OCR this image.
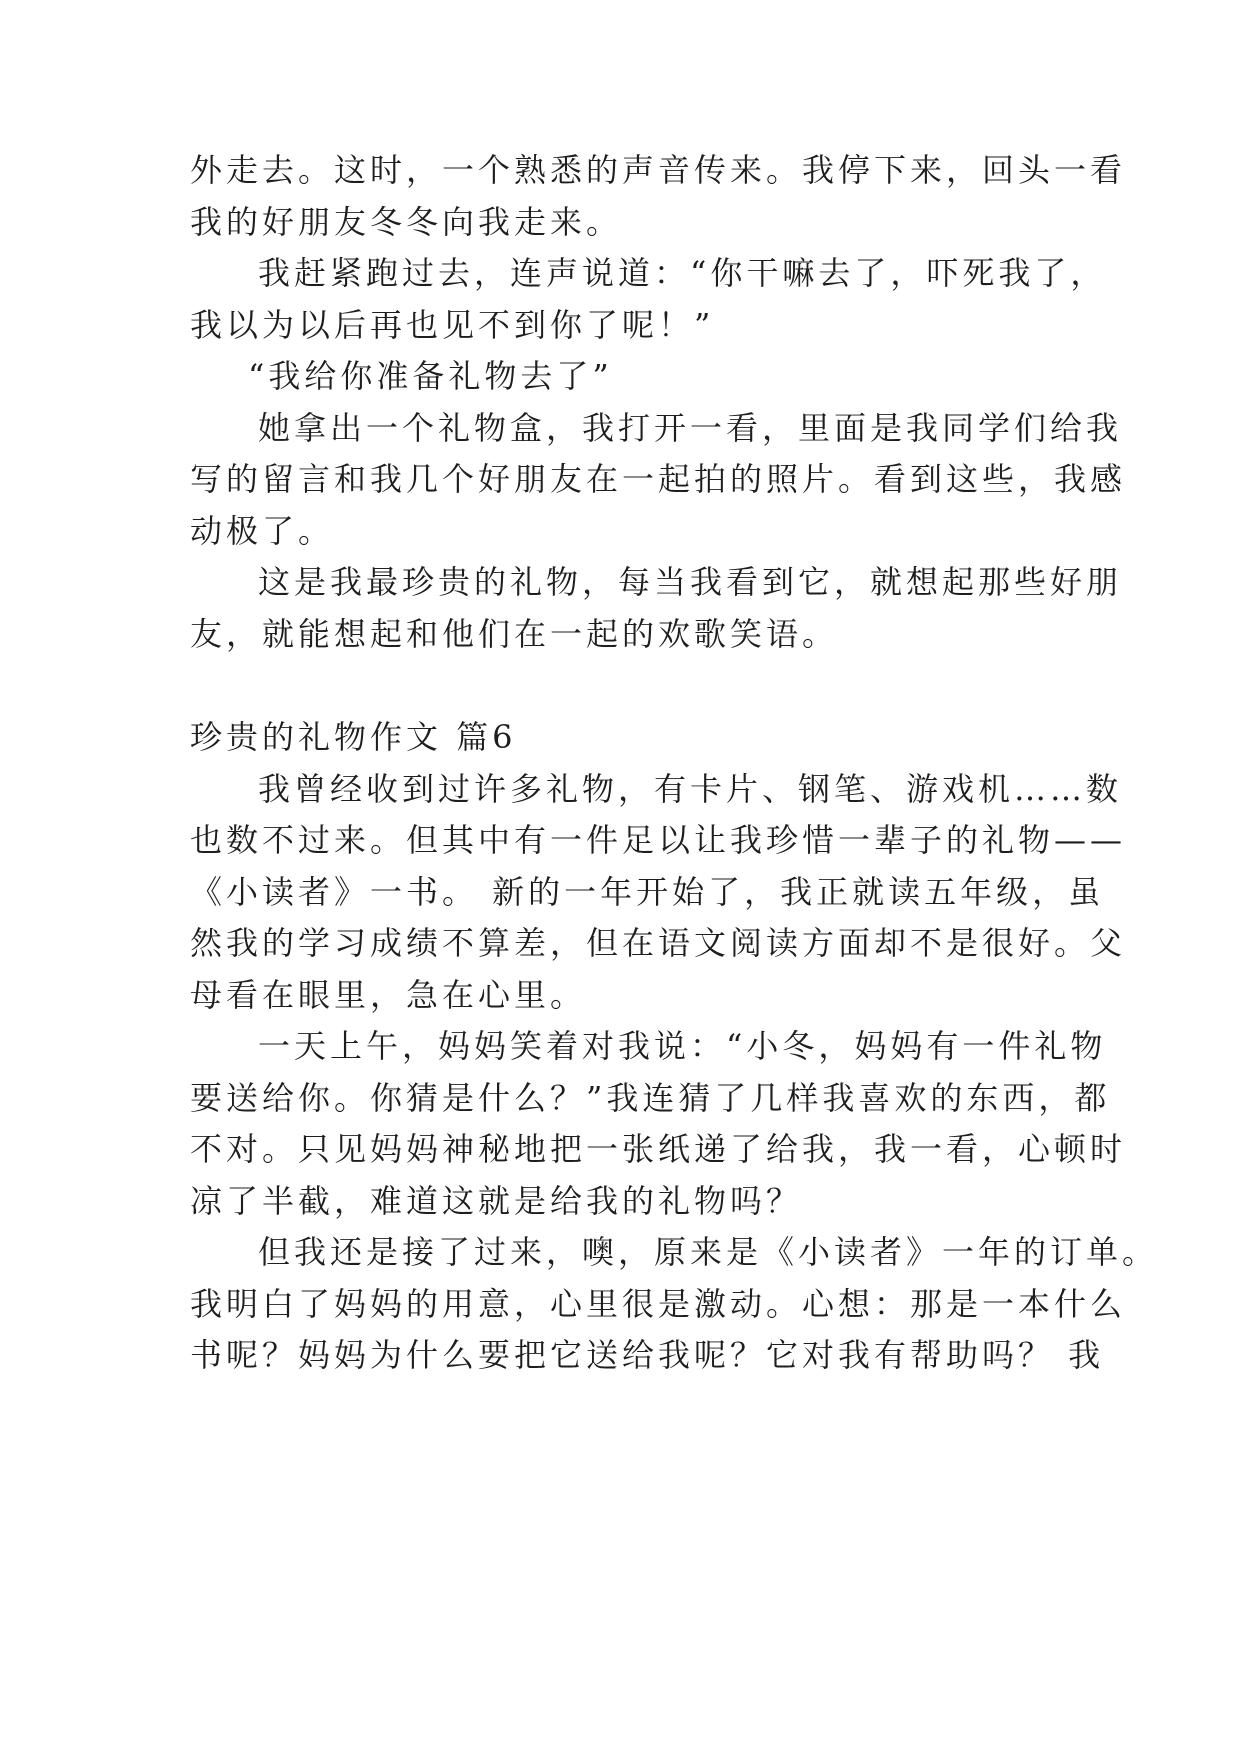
外走去。这时，一个熟悉的声音传来。我停下来，回头一看
我的好朋友冬冬向我走来。
我赶紧跑过去，连声说道：“你干嘛去了，吓死我了，
我以为以后再也见不到你了呢！”
“我给你准备礼物去了”
她拿出一个礼物盒，我打开一看，里面是我同学们给我
写的留言和我几个好朋友在一起拍的照片。看到这些，我感
动极了。
这是我最珍贵的礼物，每当我看到它，就想起那些好朋
友，就能想起和他们在一起的欢歌笑语。
珍贵的礼物作文 篇6
我曾经收到过许多礼物，有卡片、钢笔、游戏机……数
也数不过来。但其中有一件足以让我珍惜一辈子的礼物——
《小读者》一书。 新的一年开始了，我正就读五年级，虽
然我的学习成绩不算差，但在语文阅读方面却不是很好。父
母看在眼里，急在心里。
一天上午，妈妈笑着对我说：“小冬，妈妈有一件礼物
要送给你。你猜是什么？”我连猜了几样我喜欢的东西，都
不对。只见妈妈神秘地把一张纸递了给我，我一看，心顿时
凉了半截，难道这就是给我的礼物吗？
但我还是接了过来，噢，原来是《小读者》一年的订单。
我明白了妈妈的用意，心里很是激动。心想：那是一本什么
书呢？妈妈为什么要把它送给我呢？它对我有帮助吗？ 我
